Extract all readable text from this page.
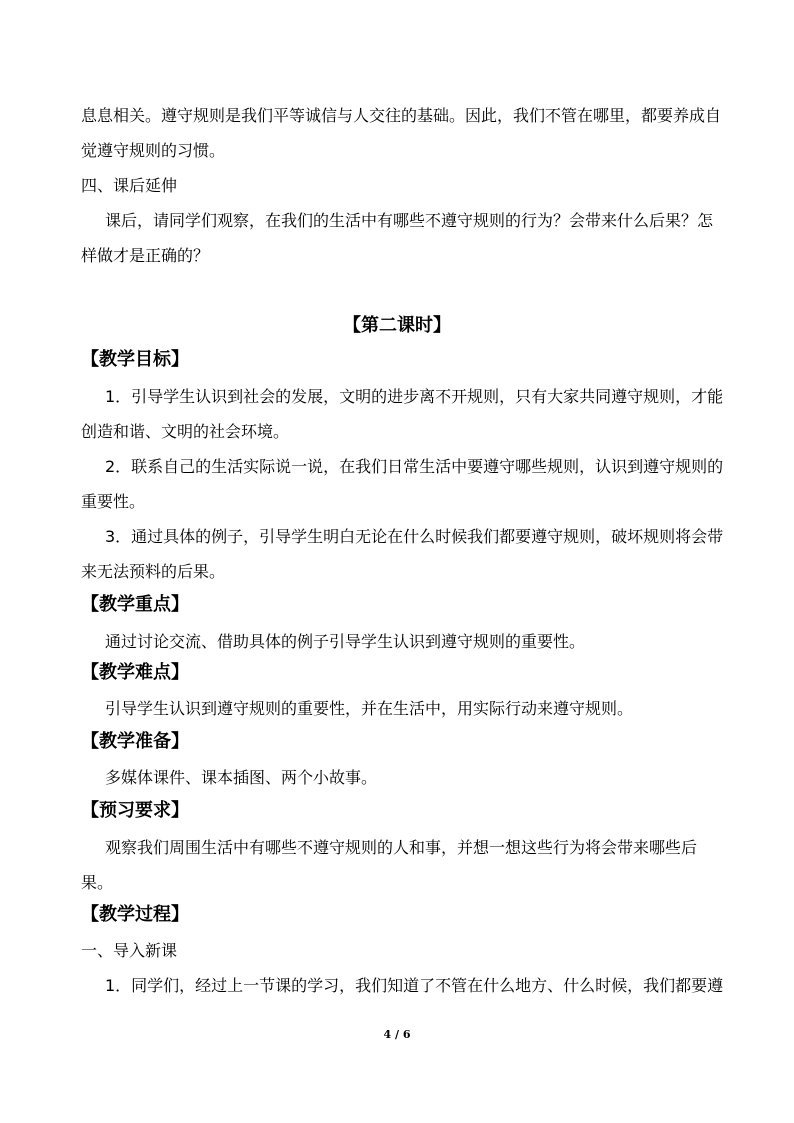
息息相关。遵守规则是我们平等诚信与人交往的基础。因此，我们不管在哪里，都要养成自
觉遵守规则的习惯。
四、课后延伸
课后，请同学们观察，在我们的生活中有哪些不遵守规则的行为？会带来什么后果？怎
样做才是正确的？
【第二课时】
【教学目标】
1．引导学生认识到社会的发展，文明的进步离不开规则，只有大家共同遵守规则，才能
创造和谐、文明的社会环境。
2．联系自己的生活实际说一说，在我们日常生活中要遵守哪些规则，认识到遵守规则的
重要性。
3．通过具体的例子，引导学生明白无论在什么时候我们都要遵守规则，破坏规则将会带
来无法预料的后果。
【教学重点】
通过讨论交流、借助具体的例子引导学生认识到遵守规则的重要性。
【教学难点】
引导学生认识到遵守规则的重要性，并在生活中，用实际行动来遵守规则。
【教学准备】
多媒体课件、课本插图、两个小故事。
【预习要求】
观察我们周围生活中有哪些不遵守规则的人和事，并想一想这些行为将会带来哪些后
果。
【教学过程】
一、导入新课
1．同学们，经过上一节课的学习，我们知道了不管在什么地方、什么时候，我们都要遵
4 / 6
